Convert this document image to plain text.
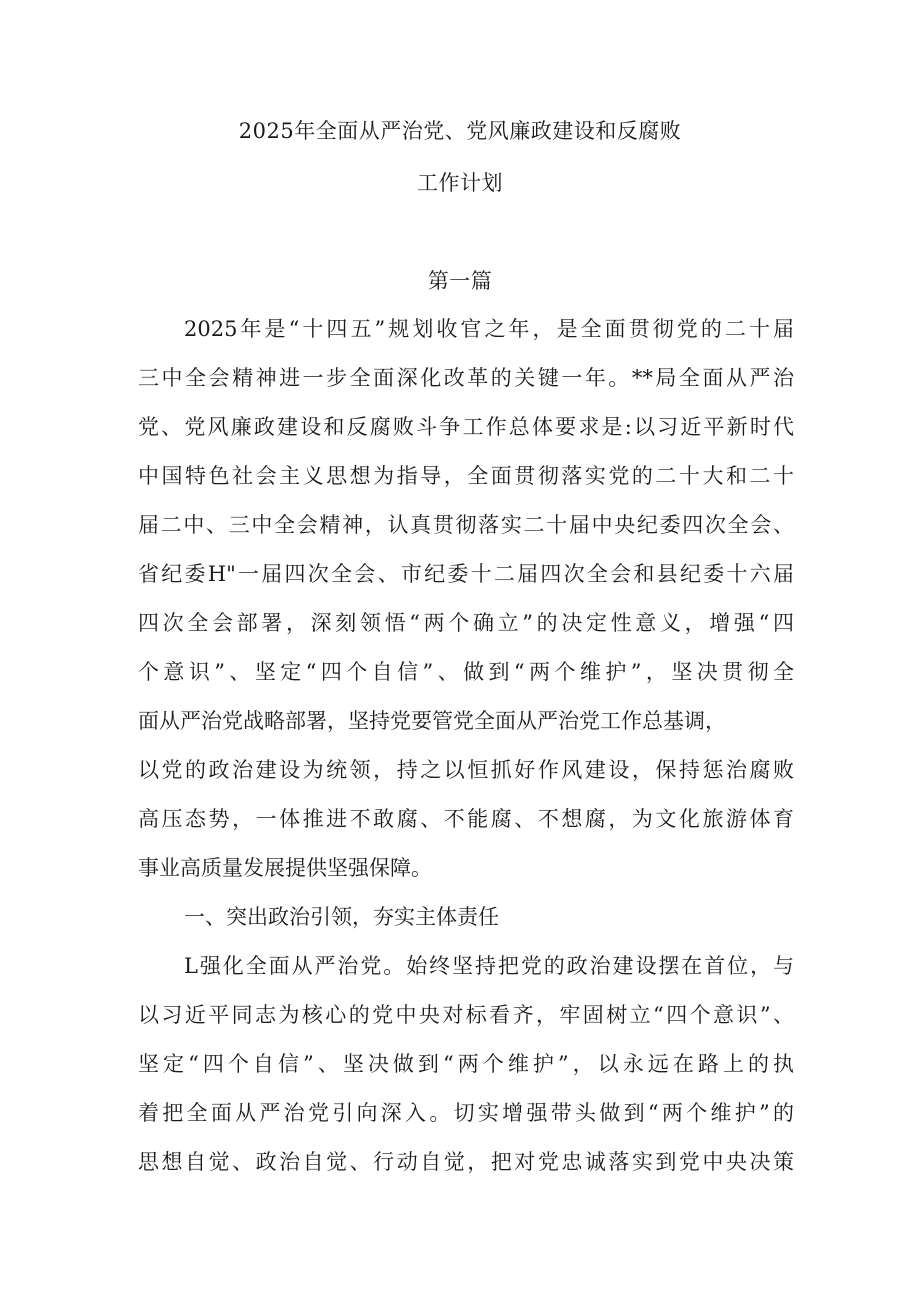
2025年全面从严治党、党风廉政建设和反腐败
工作计划
第一篇
2025年是“十四五”规划收官之年，是全面贯彻党的二十届
三中全会精神进一步全面深化改革的关键一年。**局全面从严治
党、党风廉政建设和反腐败斗争工作总体要求是:以习近平新时代
中国特色社会主义思想为指导，全面贯彻落实党的二十大和二十
届二中、三中全会精神，认真贯彻落实二十届中央纪委四次全会、
省纪委H"一届四次全会、市纪委十二届四次全会和县纪委十六届
四次全会部署，深刻领悟“两个确立”的决定性意义，增强“四
个意识”、坚定“四个自信”、做到“两个维护”，坚决贯彻全
面从严治党战略部署，坚持党要管党全面从严治党工作总基调，
以党的政治建设为统领，持之以恒抓好作风建设，保持惩治腐败
高压态势，一体推进不敢腐、不能腐、不想腐，为文化旅游体育
事业高质量发展提供坚强保障。
一、突出政治引领，夯实主体责任
L强化全面从严治党。始终坚持把党的政治建设摆在首位，与
以习近平同志为核心的党中央对标看齐，牢固树立“四个意识”、
坚定“四个自信”、坚决做到“两个维护”，以永远在路上的执
着把全面从严治党引向深入。切实增强带头做到“两个维护”的
思想自觉、政治自觉、行动自觉，把对党忠诚落实到党中央决策
